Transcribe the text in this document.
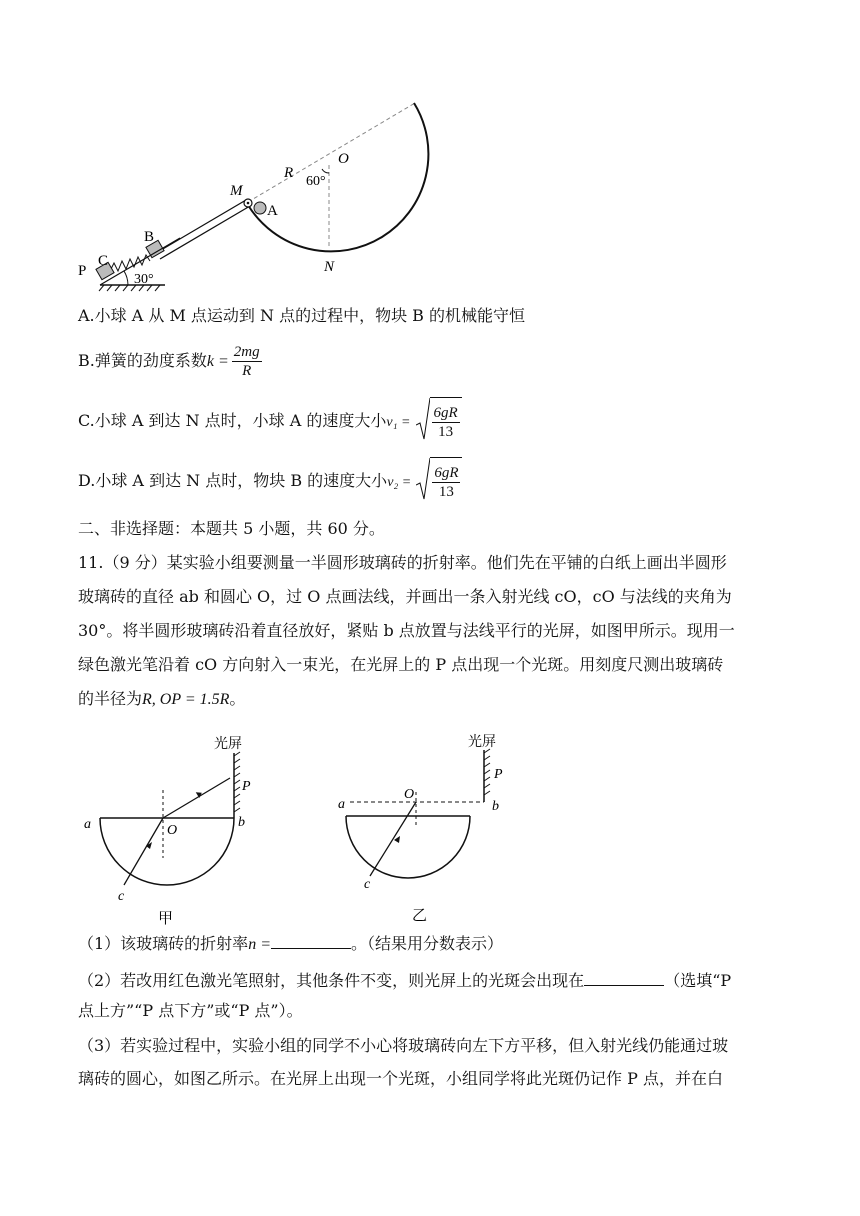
O
R
60°
M
A
B
C
P	N
30°
A.小球 A 从 M 点运动到 N 点的过程中，物块 B 的机械能守恒
B.弹簧的劲度系数$k = \frac{2mg}{R}$
C.小球 A 到达 N 点时，小球 A 的速度大小$v_1 = \frac{6gR}{13}$
D.小球 A 到达 N 点时，物块 B 的速度大小$v_2 = \frac{6gR}{13}$
二、非选择题：本题共 5 小题，共 60 分。
11.（9 分）某实验小组要测量一半圆形玻璃砖的折射率。他们先在平铺的白纸上画出半圆形
玻璃砖的直径 ab 和圆心 O，过 O 点画法线，并画出一条入射光线 cO，cO 与法线的夹角为
30°。将半圆形玻璃砖沿着直径放好，紧贴 b 点放置与法线平行的光屏，如图甲所示。现用一
绿色激光笔沿着 cO 方向射入一束光，在光屏上的 P 点出现一个光斑。用刻度尺测出玻璃砖
的半径为R, OP = 1.5R。
光屏
P
a	O
b
c
甲
光屏
P
a
O
b
c
乙
（1）该玻璃砖的折射率n =	。（结果用分数表示）
（2）若改用红色激光笔照射，其他条件不变，则光屏上的光斑会出现在	（选填“P
点上方”“P 点下方”或“P 点”）。
（3）若实验过程中，实验小组的同学不小心将玻璃砖向左下方平移，但入射光线仍能通过玻
璃砖的圆心，如图乙所示。在光屏上出现一个光斑，小组同学将此光斑仍记作 P 点，并在白
